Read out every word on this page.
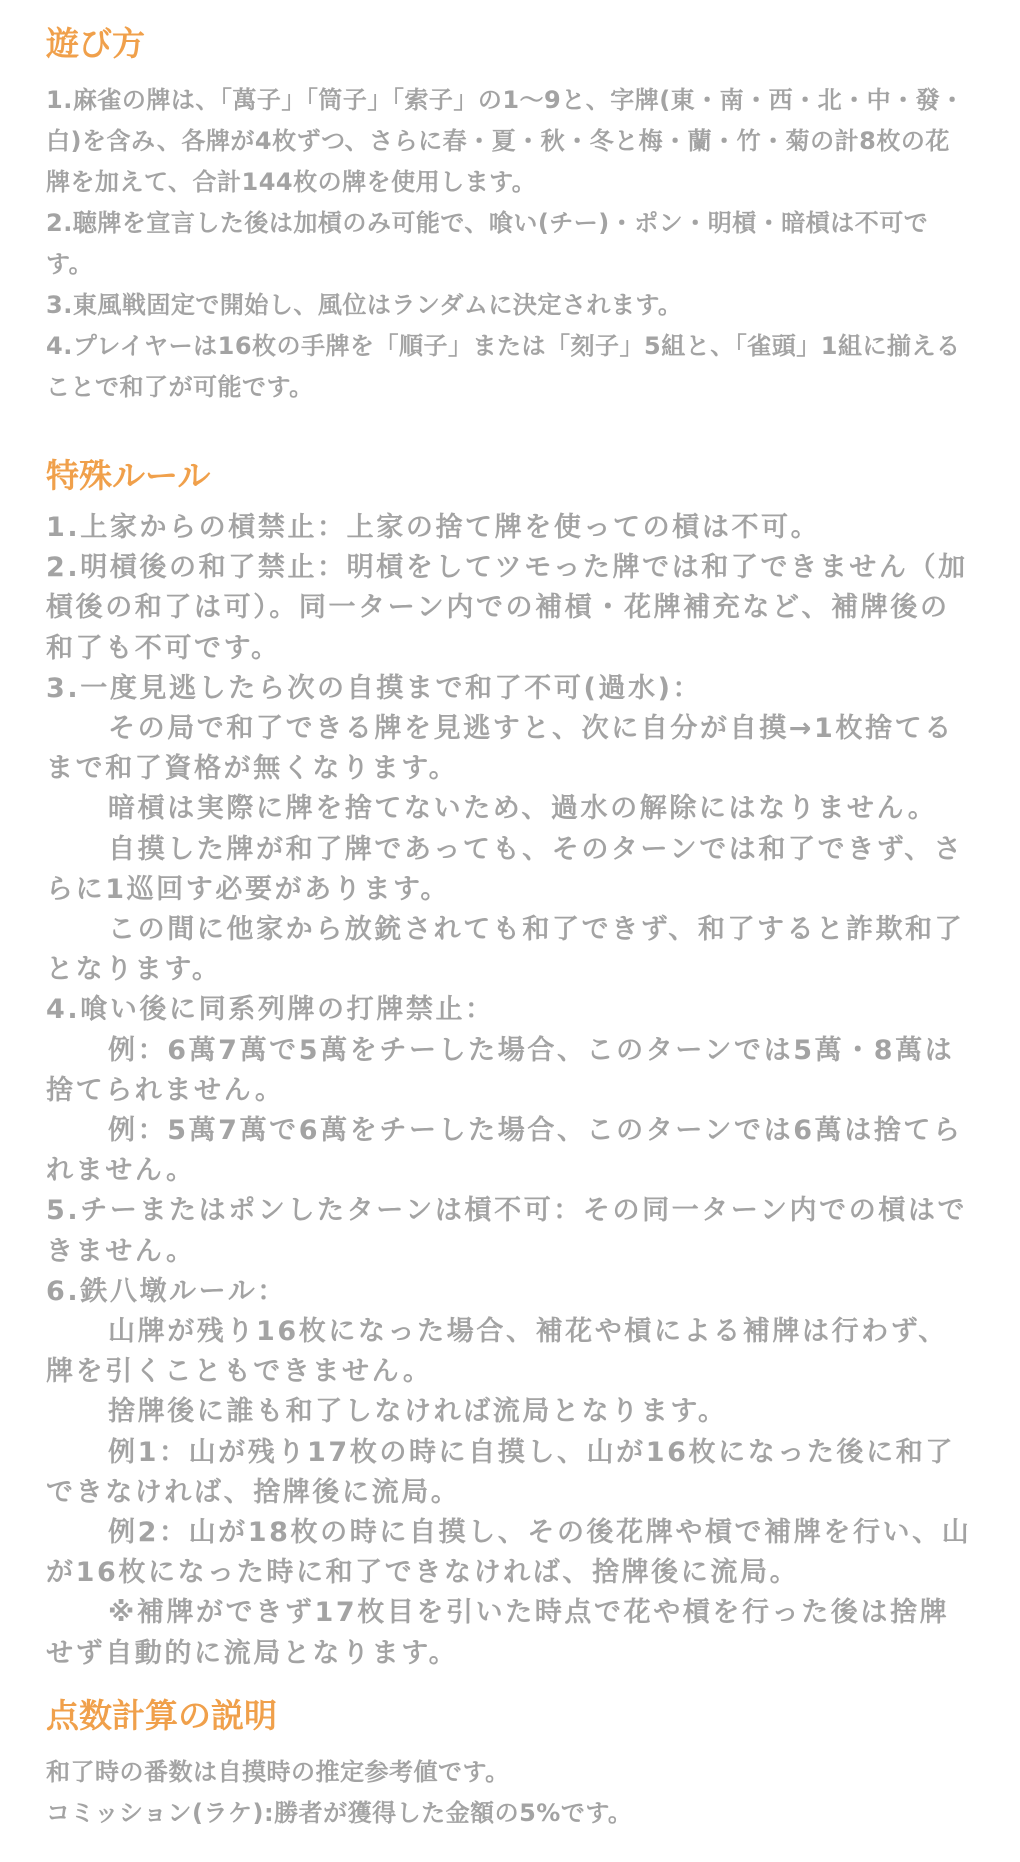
遊び方

1.麻雀の牌は、「萬子」「筒子」「索子」の1～9と、字牌(東・南・西・北・中・發・白)を含み、各牌が4枚ずつ、さらに春・夏・秋・冬と梅・蘭・竹・菊の計8枚の花牌を加えて、合計144枚の牌を使用します。

2.聴牌を宣言した後は加槓のみ可能で、喰い(チー)・ポン・明槓・暗槓は不可です。

3.東風戦固定で開始し、風位はランダムに決定されます。

4.プレイヤーは16枚の手牌を「順子」または「刻子」5組と、「雀頭」1組に揃えることで和了が可能です。

特殊ルール

1.上家からの槓禁止：上家の捨て牌を使っての槓は不可。

2.明槓後の和了禁止：明槓をしてツモった牌では和了できません（加槓後の和了は可）。同一ターン内での補槓・花牌補充など、補牌後の和了も不可です。

3.一度見逃したら次の自摸まで和了不可(過水)：

その局で和了できる牌を見逃すと、次に自分が自摸→1枚捨てるまで和了資格が無くなります。

暗槓は実際に牌を捨てないため、過水の解除にはなりません。

自摸した牌が和了牌であっても、そのターンでは和了できず、さらに1巡回す必要があります。

この間に他家から放銃されても和了できず、和了すると詐欺和了となります。

4.喰い後に同系列牌の打牌禁止：

例：6萬7萬で5萬をチーした場合、このターンでは5萬・8萬は捨てられません。

例：5萬7萬で6萬をチーした場合、このターンでは6萬は捨てられません。

5.チーまたはポンしたターンは槓不可：その同一ターン内での槓はできません。

6.鉄八墩ルール：

山牌が残り16枚になった場合、補花や槓による補牌は行わず、牌を引くこともできません。

捨牌後に誰も和了しなければ流局となります。

例1：山が残り17枚の時に自摸し、山が16枚になった後に和了できなければ、捨牌後に流局。

例2：山が18枚の時に自摸し、その後花牌や槓で補牌を行い、山が16枚になった時に和了できなければ、捨牌後に流局。

※補牌ができず17枚目を引いた時点で花や槓を行った後は捨牌せず自動的に流局となります。

点数計算の説明

和了時の番数は自摸時の推定参考値です。

コミッション(ラケ):勝者が獲得した金額の5%です。
